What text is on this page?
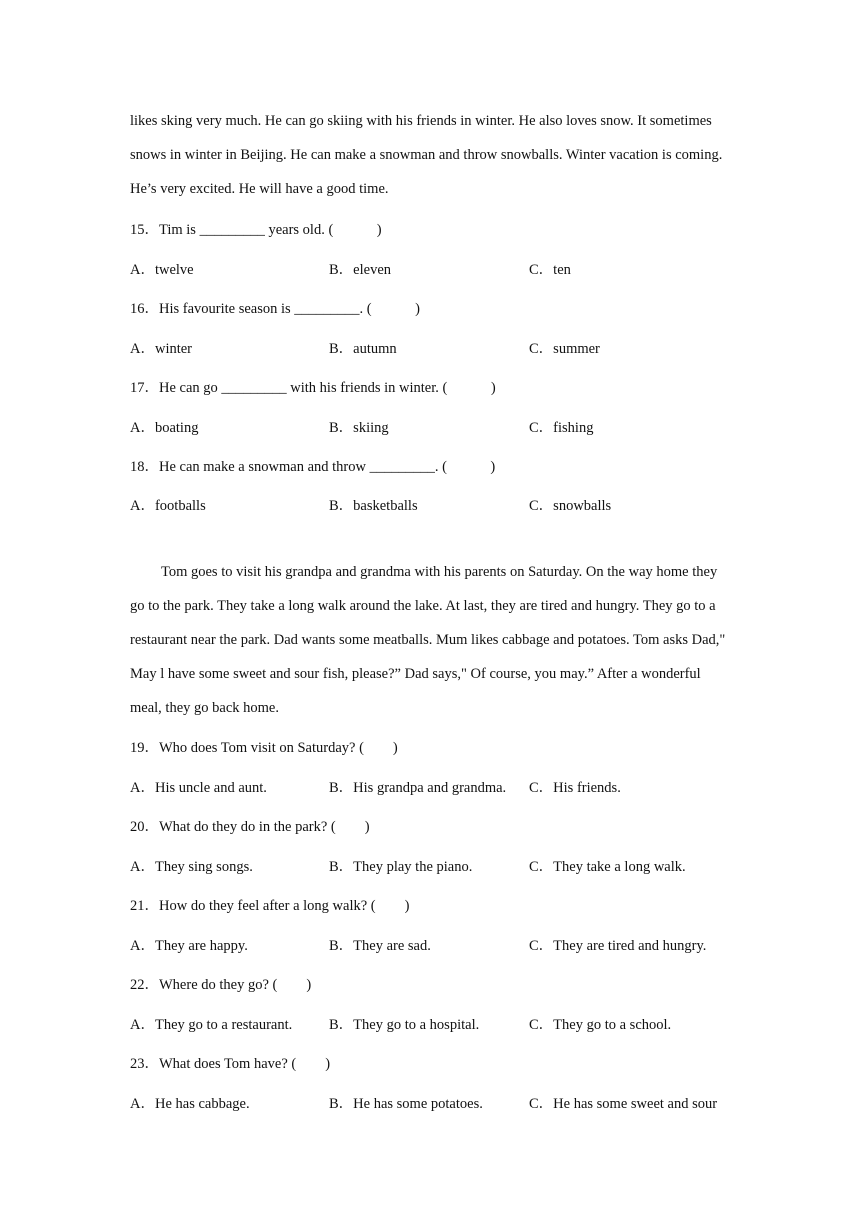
likes sking very much. He can go skiing with his friends in winter. He also loves snow. It sometimes snows in winter in Beijing. He can make a snowman and throw snowballs. Winter vacation is coming. He’s very excited. He will have a good time.

15．Tim is _________ years old. (　　　)
A．twelve	B．eleven	C．ten
16．His favourite season is _________. (　　　)
A．winter	B．autumn	C．summer
17．He can go _________ with his friends in winter. (　　　)
A．boating	B．skiing	C．fishing
18．He can make a snowman and throw _________. (　　　)
A．footballs	B．basketballs	C．snowballs

Tom goes to visit his grandpa and grandma with his parents on Saturday. On the way home they go to the park. They take a long walk around the lake. At last, they are tired and hungry. They go to a restaurant near the park. Dad wants some meatballs. Mum likes cabbage and potatoes. Tom asks Dad," May l have some sweet and sour fish, please?” Dad says," Of course, you may.” After a wonderful meal, they go back home.

19．Who does Tom visit on Saturday? (　　)
A．His uncle and aunt.	B．His grandpa and grandma. C．His friends.
20．What do they do in the park? (　　)
A．They sing songs.	B．They play the piano.	C．They take a long walk.
21．How do they feel after a long walk? (　　)
A．They are happy.	B．They are sad.	C．They are tired and hungry.
22．Where do they go? (　　)
A．They go to a restaurant.	B．They go to a hospital.	C．They go to a school.
23．What does Tom have? (　　)
A．He has cabbage.	B．He has some potatoes.	C．He has some sweet and sour
